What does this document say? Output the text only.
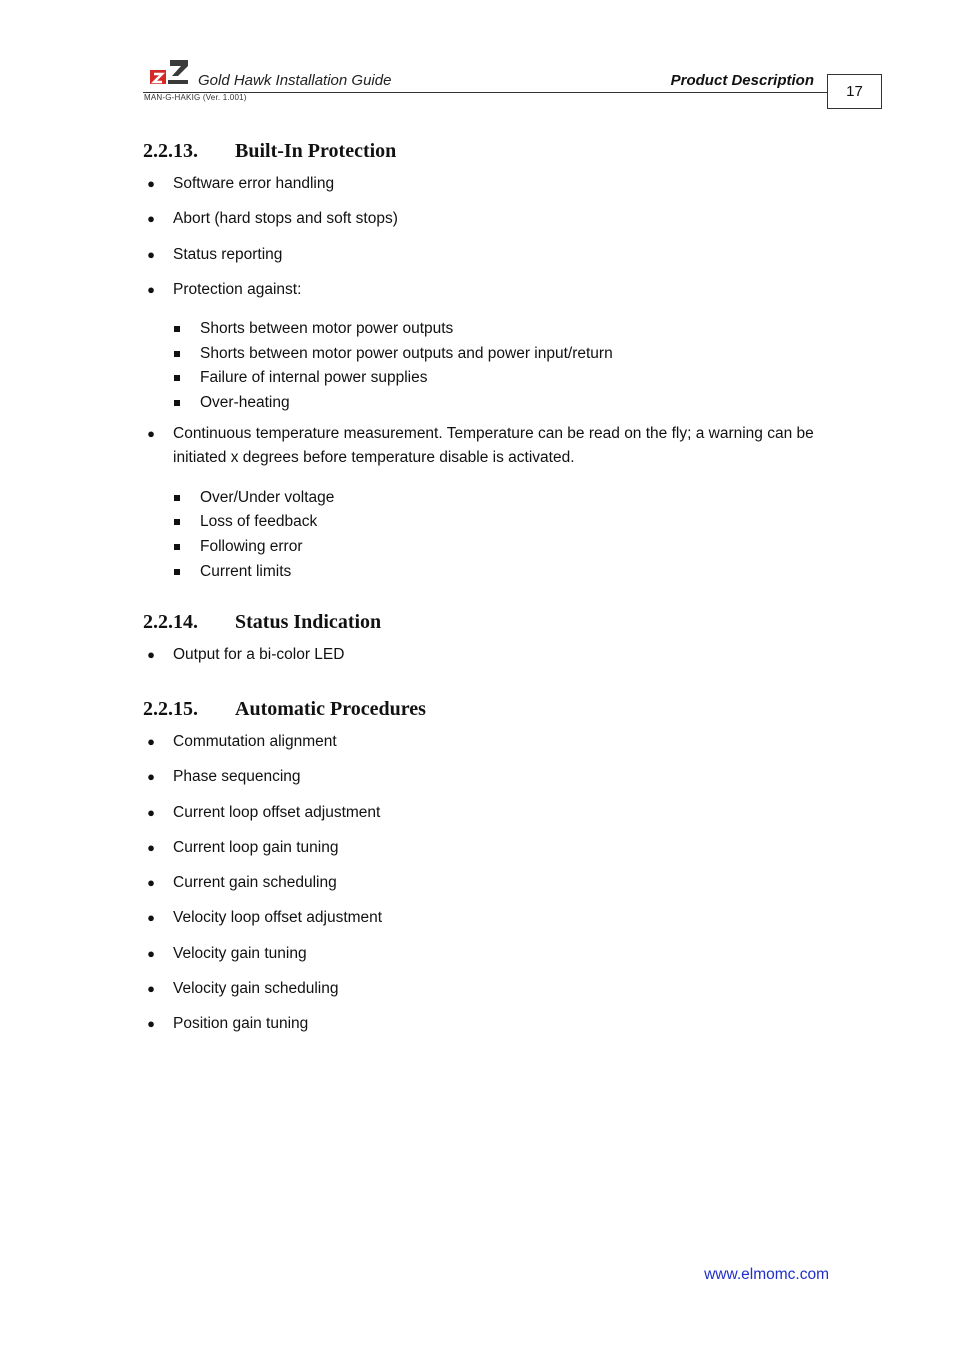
Gold Hawk Installation Guide	Product Description
MAN-G-HAKIG (Ver. 1.001)	17
2.2.13. Built-In Protection
● Software error handling
● Abort (hard stops and soft stops)
● Status reporting
● Protection against:
Shorts between motor power outputs
Shorts between motor power outputs and power input/return
Failure of internal power supplies
Over-heating
● Continuous temperature measurement. Temperature can be read on the fly; a warning can be initiated x degrees before temperature disable is activated.
Over/Under voltage
Loss of feedback
Following error
Current limits
2.2.14. Status Indication
● Output for a bi-color LED
2.2.15. Automatic Procedures
● Commutation alignment
● Phase sequencing
● Current loop offset adjustment
● Current loop gain tuning
● Current gain scheduling
● Velocity loop offset adjustment
● Velocity gain tuning
● Velocity gain scheduling
● Position gain tuning
www.elmomc.com
